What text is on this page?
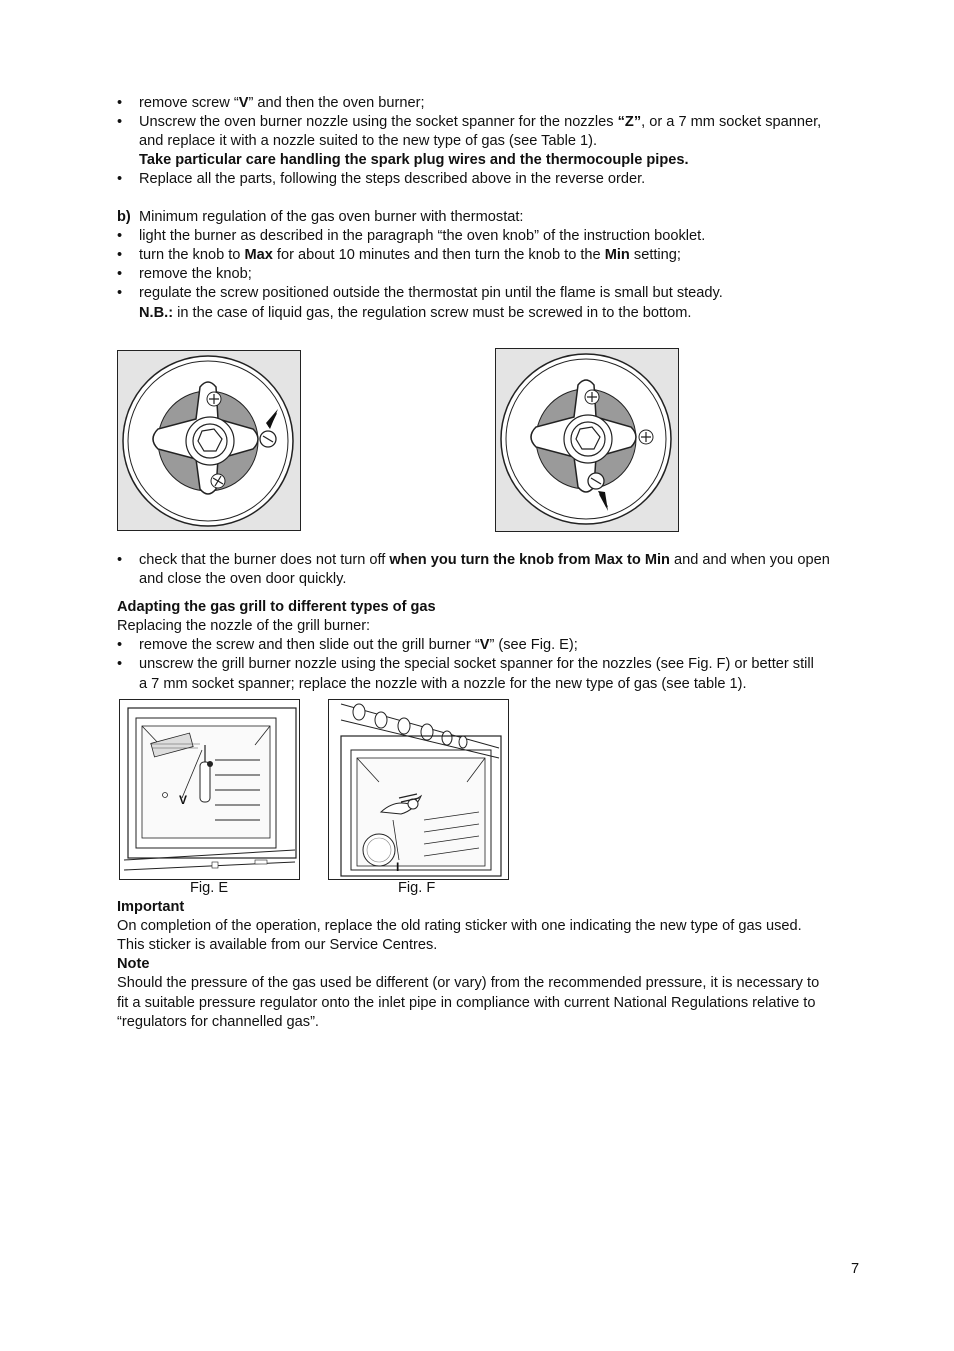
•	remove screw “V” and then the oven burner;
•	Unscrew the oven burner nozzle using the socket spanner for the nozzles “Z”, or a 7 mm socket spanner,
and replace it with a nozzle suited to the new type of gas (see Table 1).
Take particular care handling the spark plug wires and the thermocouple pipes.
•	Replace all the parts, following the steps described above in the reverse order.
b) Minimum regulation of the gas oven burner with thermostat:
•	light the burner as described in the paragraph “the oven knob” of the instruction booklet.
•	turn the knob to Max for about 10 minutes and then turn the knob to the Min setting;
•	remove the knob;
•	regulate the screw positioned outside the thermostat pin until the flame is small but steady.
N.B.: in the case of liquid gas, the regulation screw must be screwed in to the bottom.
•	check that the burner does not turn off when you turn the knob from Max to Min and and when you open
and close the oven door quickly.
Adapting the gas grill to different types of gas
Replacing the nozzle of the grill burner:
•	remove the screw and then slide out the grill burner “V” (see Fig. E);
•	unscrew the grill burner nozzle using the special socket spanner for the nozzles (see Fig. F) or better still
a 7 mm socket spanner; replace the nozzle with a nozzle for the new type of gas (see table 1).
V
I
Fig. E	Fig. F
Important
On completion of the operation, replace the old rating sticker with one indicating the new type of gas used.
This sticker is available from our Service Centres.
Note
Should the pressure of the gas used be different (or vary) from the recommended pressure, it is necessary to
fit a suitable pressure regulator onto the inlet pipe in compliance with current National Regulations relative to
“regulators for channelled gas”.
7
